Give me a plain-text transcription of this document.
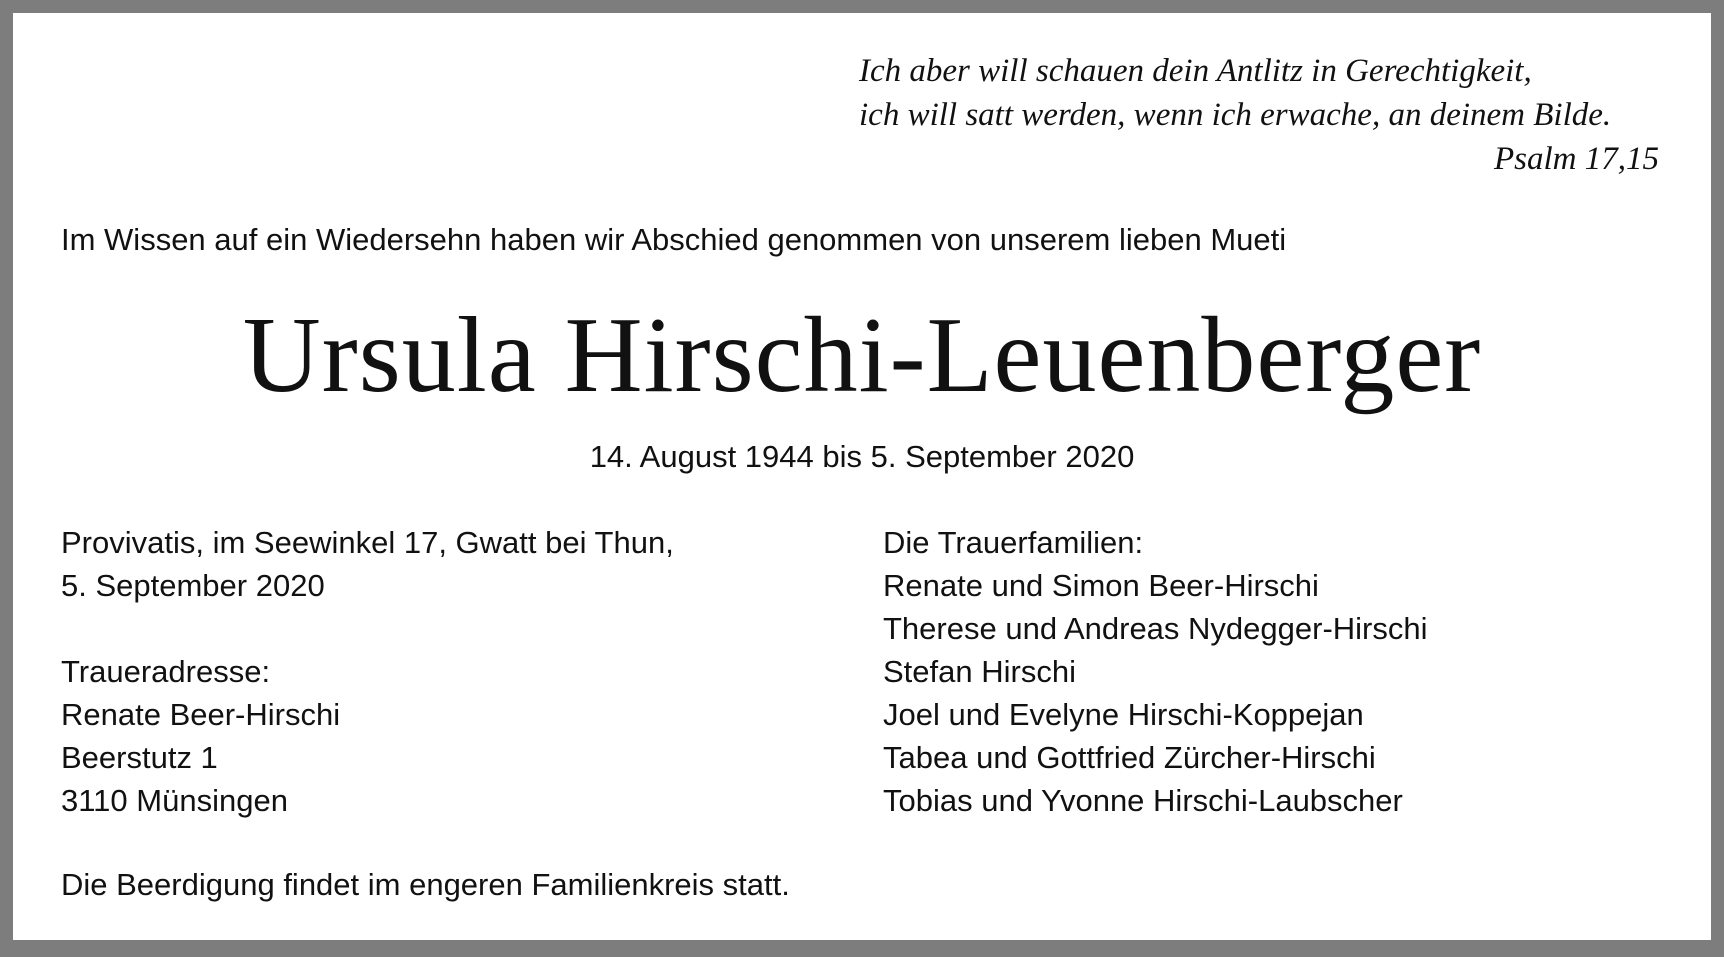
Ich aber will schauen dein Antlitz in Gerechtigkeit,
ich will satt werden, wenn ich erwache, an deinem Bilde.
Psalm 17,15
Im Wissen auf ein Wiedersehn haben wir Abschied genommen von unserem lieben Mueti
Ursula Hirschi-Leuenberger
14. August 1944 bis 5. September 2020
Provivatis, im Seewinkel 17, Gwatt bei Thun,
5. September 2020
Traueradresse:
Renate Beer-Hirschi
Beerstutz 1
3110 Münsingen
Die Trauerfamilien:
Renate und Simon Beer-Hirschi
Therese und Andreas Nydegger-Hirschi
Stefan Hirschi
Joel und Evelyne Hirschi-Koppejan
Tabea und Gottfried Zürcher-Hirschi
Tobias und Yvonne Hirschi-Laubscher
Die Beerdigung findet im engeren Familienkreis statt.
